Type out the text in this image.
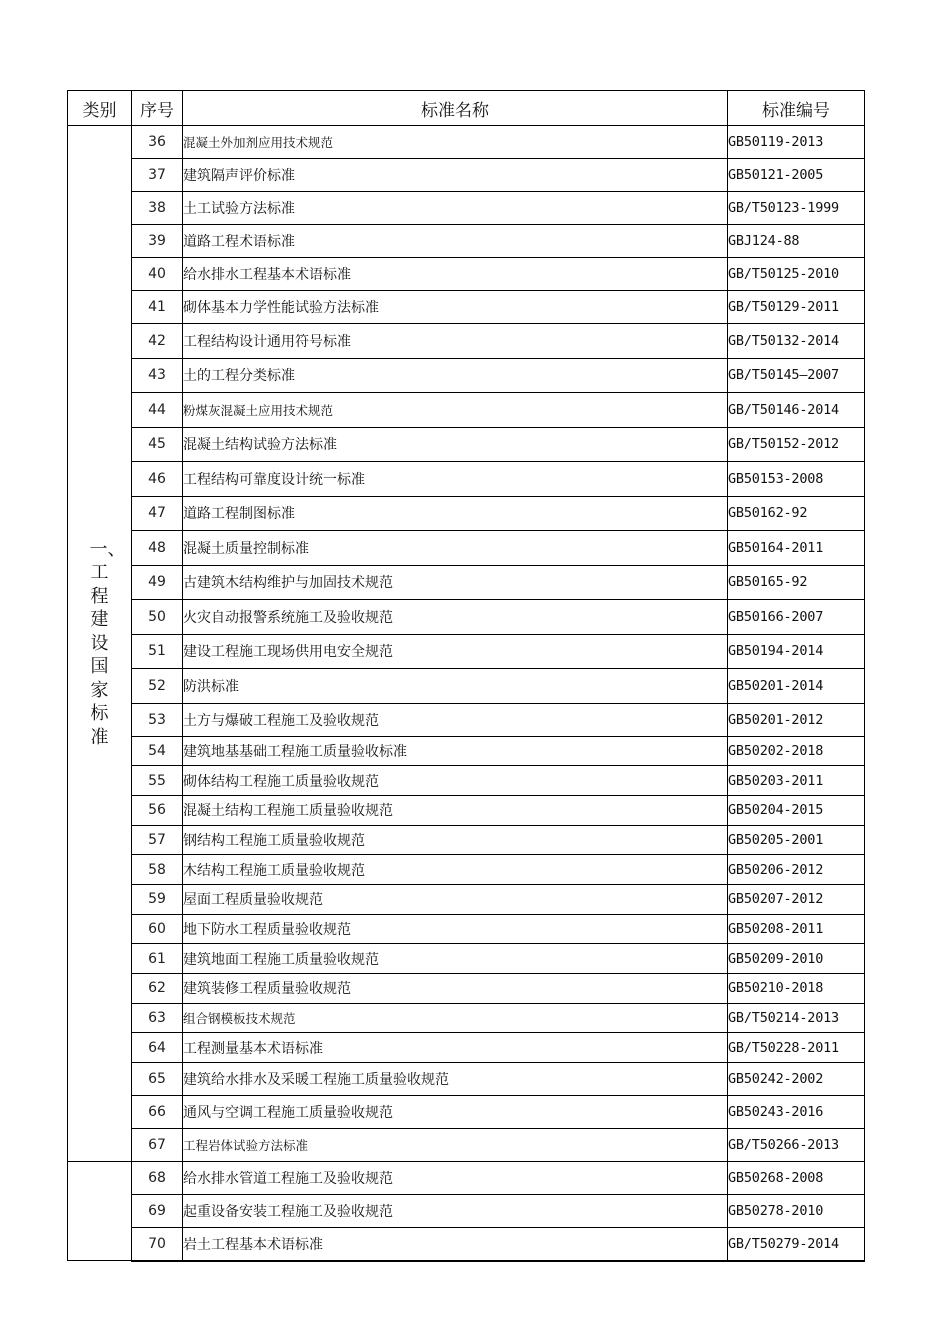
类别	序号	标准名称	标准编号
一、工程建设国家标准	36	混凝土外加剂应用技术规范	GB50119-2013
	37	建筑隔声评价标准	GB50121-2005
	38	土工试验方法标准	GB/T50123-1999
	39	道路工程术语标准	GBJ124-88
	40	给水排水工程基本术语标准	GB/T50125-2010
	41	砌体基本力学性能试验方法标准	GB/T50129-2011
	42	工程结构设计通用符号标准	GB/T50132-2014
	43	土的工程分类标准	GB/T50145—2007
	44	粉煤灰混凝土应用技术规范	GB/T50146-2014
	45	混凝土结构试验方法标准	GB/T50152-2012
	46	工程结构可靠度设计统一标准	GB50153-2008
	47	道路工程制图标准	GB50162-92
	48	混凝土质量控制标准	GB50164-2011
	49	古建筑木结构维护与加固技术规范	GB50165-92
	50	火灾自动报警系统施工及验收规范	GB50166-2007
	51	建设工程施工现场供用电安全规范	GB50194-2014
	52	防洪标准	GB50201-2014
	53	土方与爆破工程施工及验收规范	GB50201-2012
	54	建筑地基基础工程施工质量验收标准	GB50202-2018
	55	砌体结构工程施工质量验收规范	GB50203-2011
	56	混凝土结构工程施工质量验收规范	GB50204-2015
	57	钢结构工程施工质量验收规范	GB50205-2001
	58	木结构工程施工质量验收规范	GB50206-2012
	59	屋面工程质量验收规范	GB50207-2012
	60	地下防水工程质量验收规范	GB50208-2011
	61	建筑地面工程施工质量验收规范	GB50209-2010
	62	建筑装修工程质量验收规范	GB50210-2018
	63	组合钢模板技术规范	GB/T50214-2013
	64	工程测量基本术语标准	GB/T50228-2011
	65	建筑给水排水及采暖工程施工质量验收规范	GB50242-2002
	66	通风与空调工程施工质量验收规范	GB50243-2016
	67	工程岩体试验方法标准	GB/T50266-2013
	68	给水排水管道工程施工及验收规范	GB50268-2008
	69	起重设备安装工程施工及验收规范	GB50278-2010
	70	岩土工程基本术语标准	GB/T50279-2014
